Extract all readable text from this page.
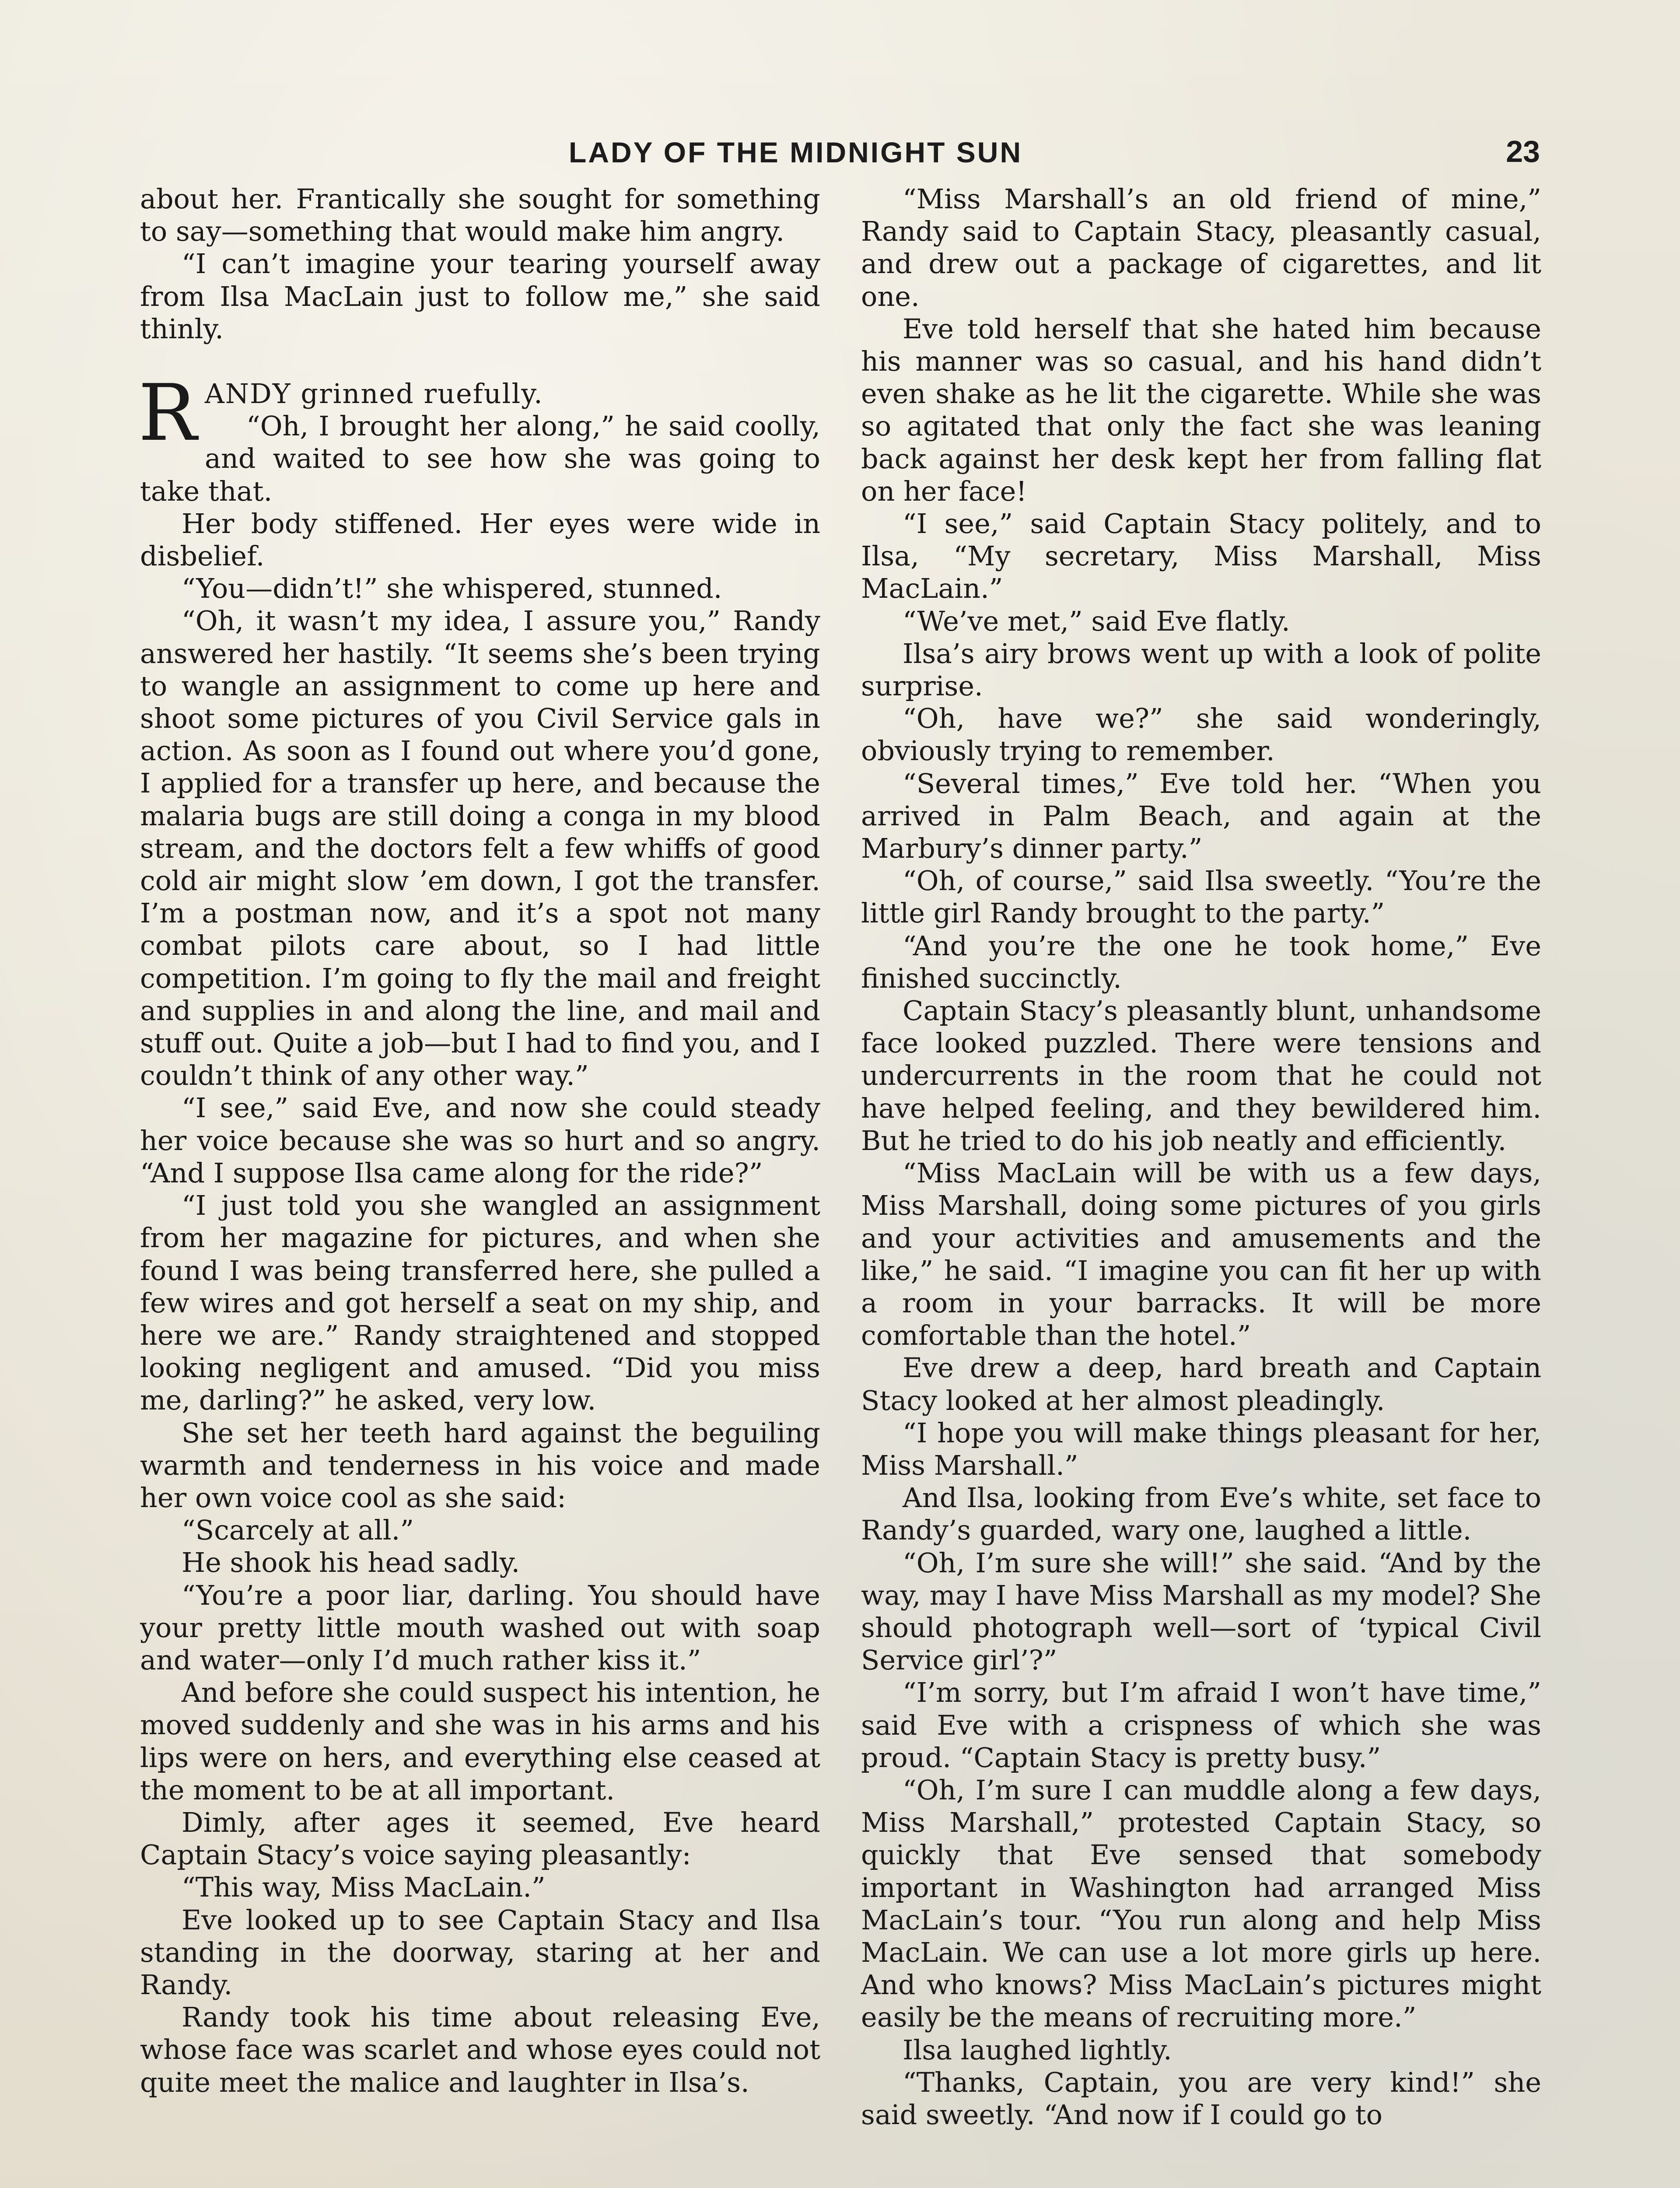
LADY OF THE MIDNIGHT SUN	23

about her. Frantically she sought for something to say—something that would make him angry.

“I can’t imagine your tearing yourself away from Ilsa MacLain just to follow me,” she said thinly.

RANDY grinned ruefully.

“Oh, I brought her along,” he said coolly, and waited to see how she was going to take that.

Her body stiffened. Her eyes were wide in disbelief.

“You—didn’t!” she whispered, stunned.

“Oh, it wasn’t my idea, I assure you,” Randy answered her hastily. “It seems she’s been trying to wangle an assignment to come up here and shoot some pictures of you Civil Service gals in action. As soon as I found out where you’d gone, I applied for a transfer up here, and because the malaria bugs are still doing a conga in my blood stream, and the doctors felt a few whiffs of good cold air might slow ’em down, I got the transfer. I’m a postman now, and it’s a spot not many combat pilots care about, so I had little competition. I’m going to fly the mail and freight and supplies in and along the line, and mail and stuff out. Quite a job—but I had to find you, and I couldn’t think of any other way.”

“I see,” said Eve, and now she could steady her voice because she was so hurt and so angry. “And I suppose Ilsa came along for the ride?”

“I just told you she wangled an assignment from her magazine for pictures, and when she found I was being transferred here, she pulled a few wires and got herself a seat on my ship, and here we are.” Randy straightened and stopped looking negligent and amused. “Did you miss me, darling?” he asked, very low.

She set her teeth hard against the beguiling warmth and tenderness in his voice and made her own voice cool as she said:

“Scarcely at all.”

He shook his head sadly.

“You’re a poor liar, darling. You should have your pretty little mouth washed out with soap and water—only I’d much rather kiss it.”

And before she could suspect his intention, he moved suddenly and she was in his arms and his lips were on hers, and everything else ceased at the moment to be at all important.

Dimly, after ages it seemed, Eve heard Captain Stacy’s voice saying pleasantly:

“This way, Miss MacLain.”

Eve looked up to see Captain Stacy and Ilsa standing in the doorway, staring at her and Randy.

Randy took his time about releasing Eve, whose face was scarlet and whose eyes could not quite meet the malice and laughter in Ilsa’s.

“Miss Marshall’s an old friend of mine,” Randy said to Captain Stacy, pleasantly casual, and drew out a package of cigarettes, and lit one.

Eve told herself that she hated him because his manner was so casual, and his hand didn’t even shake as he lit the cigarette. While she was so agitated that only the fact she was leaning back against her desk kept her from falling flat on her face!

“I see,” said Captain Stacy politely, and to Ilsa, “My secretary, Miss Marshall, Miss MacLain.”

“We’ve met,” said Eve flatly.

Ilsa’s airy brows went up with a look of polite surprise.

“Oh, have we?” she said wonderingly, obviously trying to remember.

“Several times,” Eve told her. “When you arrived in Palm Beach, and again at the Marbury’s dinner party.”

“Oh, of course,” said Ilsa sweetly. “You’re the little girl Randy brought to the party.”

“And you’re the one he took home,” Eve finished succinctly.

Captain Stacy’s pleasantly blunt, unhandsome face looked puzzled. There were tensions and undercurrents in the room that he could not have helped feeling, and they bewildered him. But he tried to do his job neatly and efficiently.

“Miss MacLain will be with us a few days, Miss Marshall, doing some pictures of you girls and your activities and amusements and the like,” he said. “I imagine you can fit her up with a room in your barracks. It will be more comfortable than the hotel.”

Eve drew a deep, hard breath and Captain Stacy looked at her almost pleadingly.

“I hope you will make things pleasant for her, Miss Marshall.”

And Ilsa, looking from Eve’s white, set face to Randy’s guarded, wary one, laughed a little.

“Oh, I’m sure she will!” she said. “And by the way, may I have Miss Marshall as my model? She should photograph well—sort of ‘typical Civil Service girl’?”

“I’m sorry, but I’m afraid I won’t have time,” said Eve with a crispness of which she was proud. “Captain Stacy is pretty busy.”

“Oh, I’m sure I can muddle along a few days, Miss Marshall,” protested Captain Stacy, so quickly that Eve sensed that somebody important in Washington had arranged Miss MacLain’s tour. “You run along and help Miss MacLain. We can use a lot more girls up here. And who knows? Miss MacLain’s pictures might easily be the means of recruiting more.”

Ilsa laughed lightly.

“Thanks, Captain, you are very kind!” she said sweetly. “And now if I could go to
